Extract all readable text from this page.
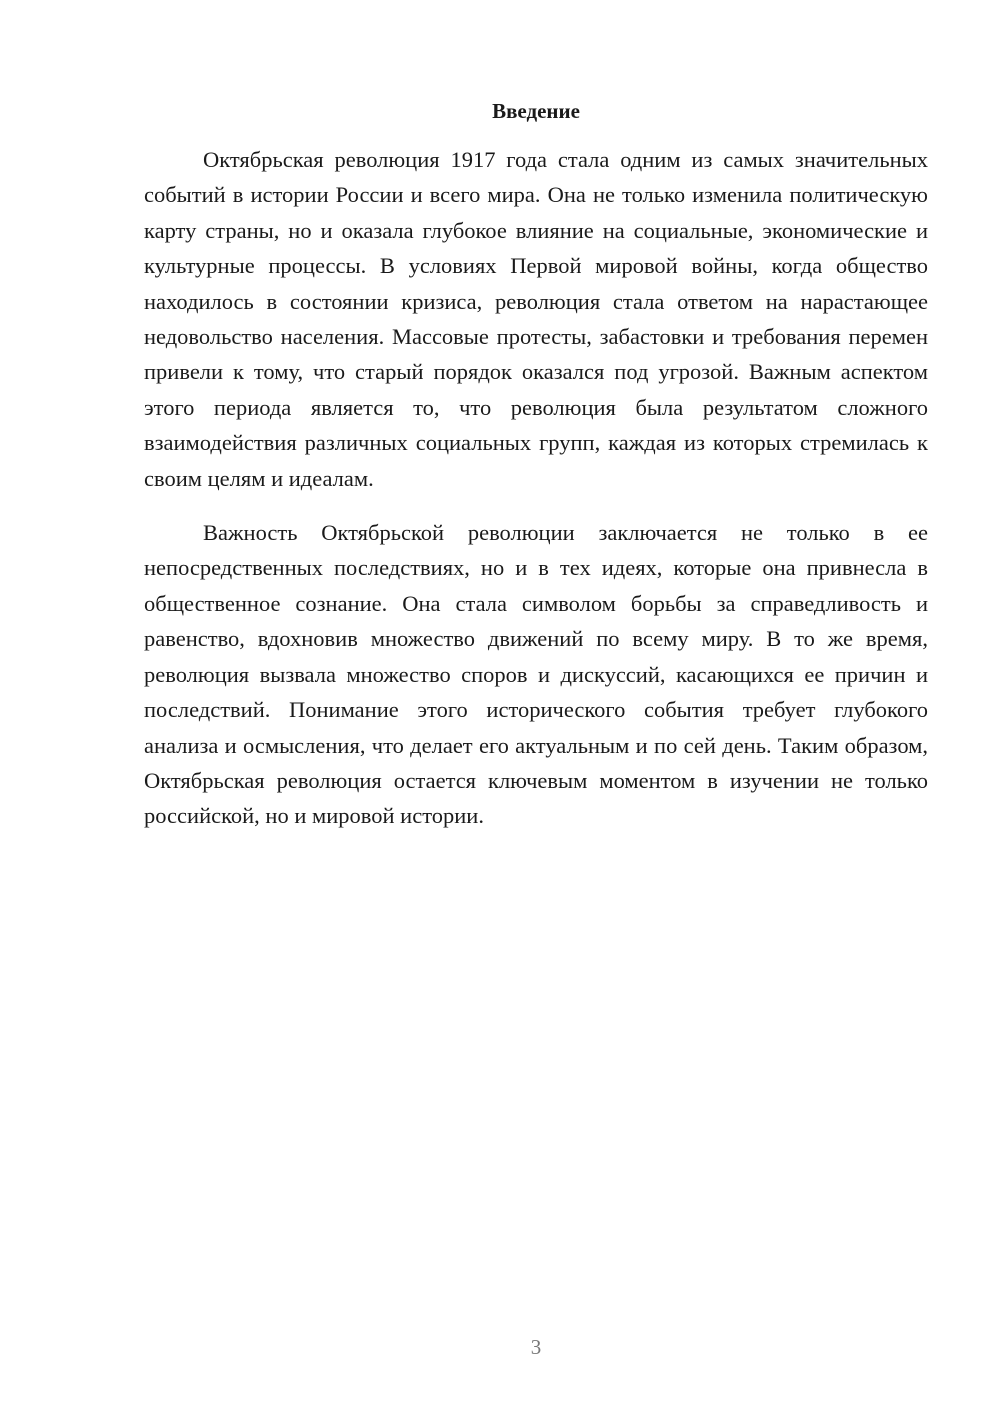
Введение

Октябрьская революция 1917 года стала одним из самых значительных событий в истории России и всего мира. Она не только изменила политическую карту страны, но и оказала глубокое влияние на социальные, экономические и культурные процессы. В условиях Первой мировой войны, когда общество находилось в состоянии кризиса, революция стала ответом на нарастающее недовольство населения. Массовые протесты, забастовки и требования перемен привели к тому, что старый порядок оказался под угрозой. Важным аспектом этого периода является то, что революция была результатом сложного взаимодействия различных социальных групп, каждая из которых стремилась к своим целям и идеалам.

Важность Октябрьской революции заключается не только в ее непосредственных последствиях, но и в тех идеях, которые она привнесла в общественное сознание. Она стала символом борьбы за справедливость и равенство, вдохновив множество движений по всему миру. В то же время, революция вызвала множество споров и дискуссий, касающихся ее причин и последствий. Понимание этого исторического события требует глубокого анализа и осмысления, что делает его актуальным и по сей день. Таким образом, Октябрьская революция остается ключевым моментом в изучении не только российской, но и мировой истории.

3
